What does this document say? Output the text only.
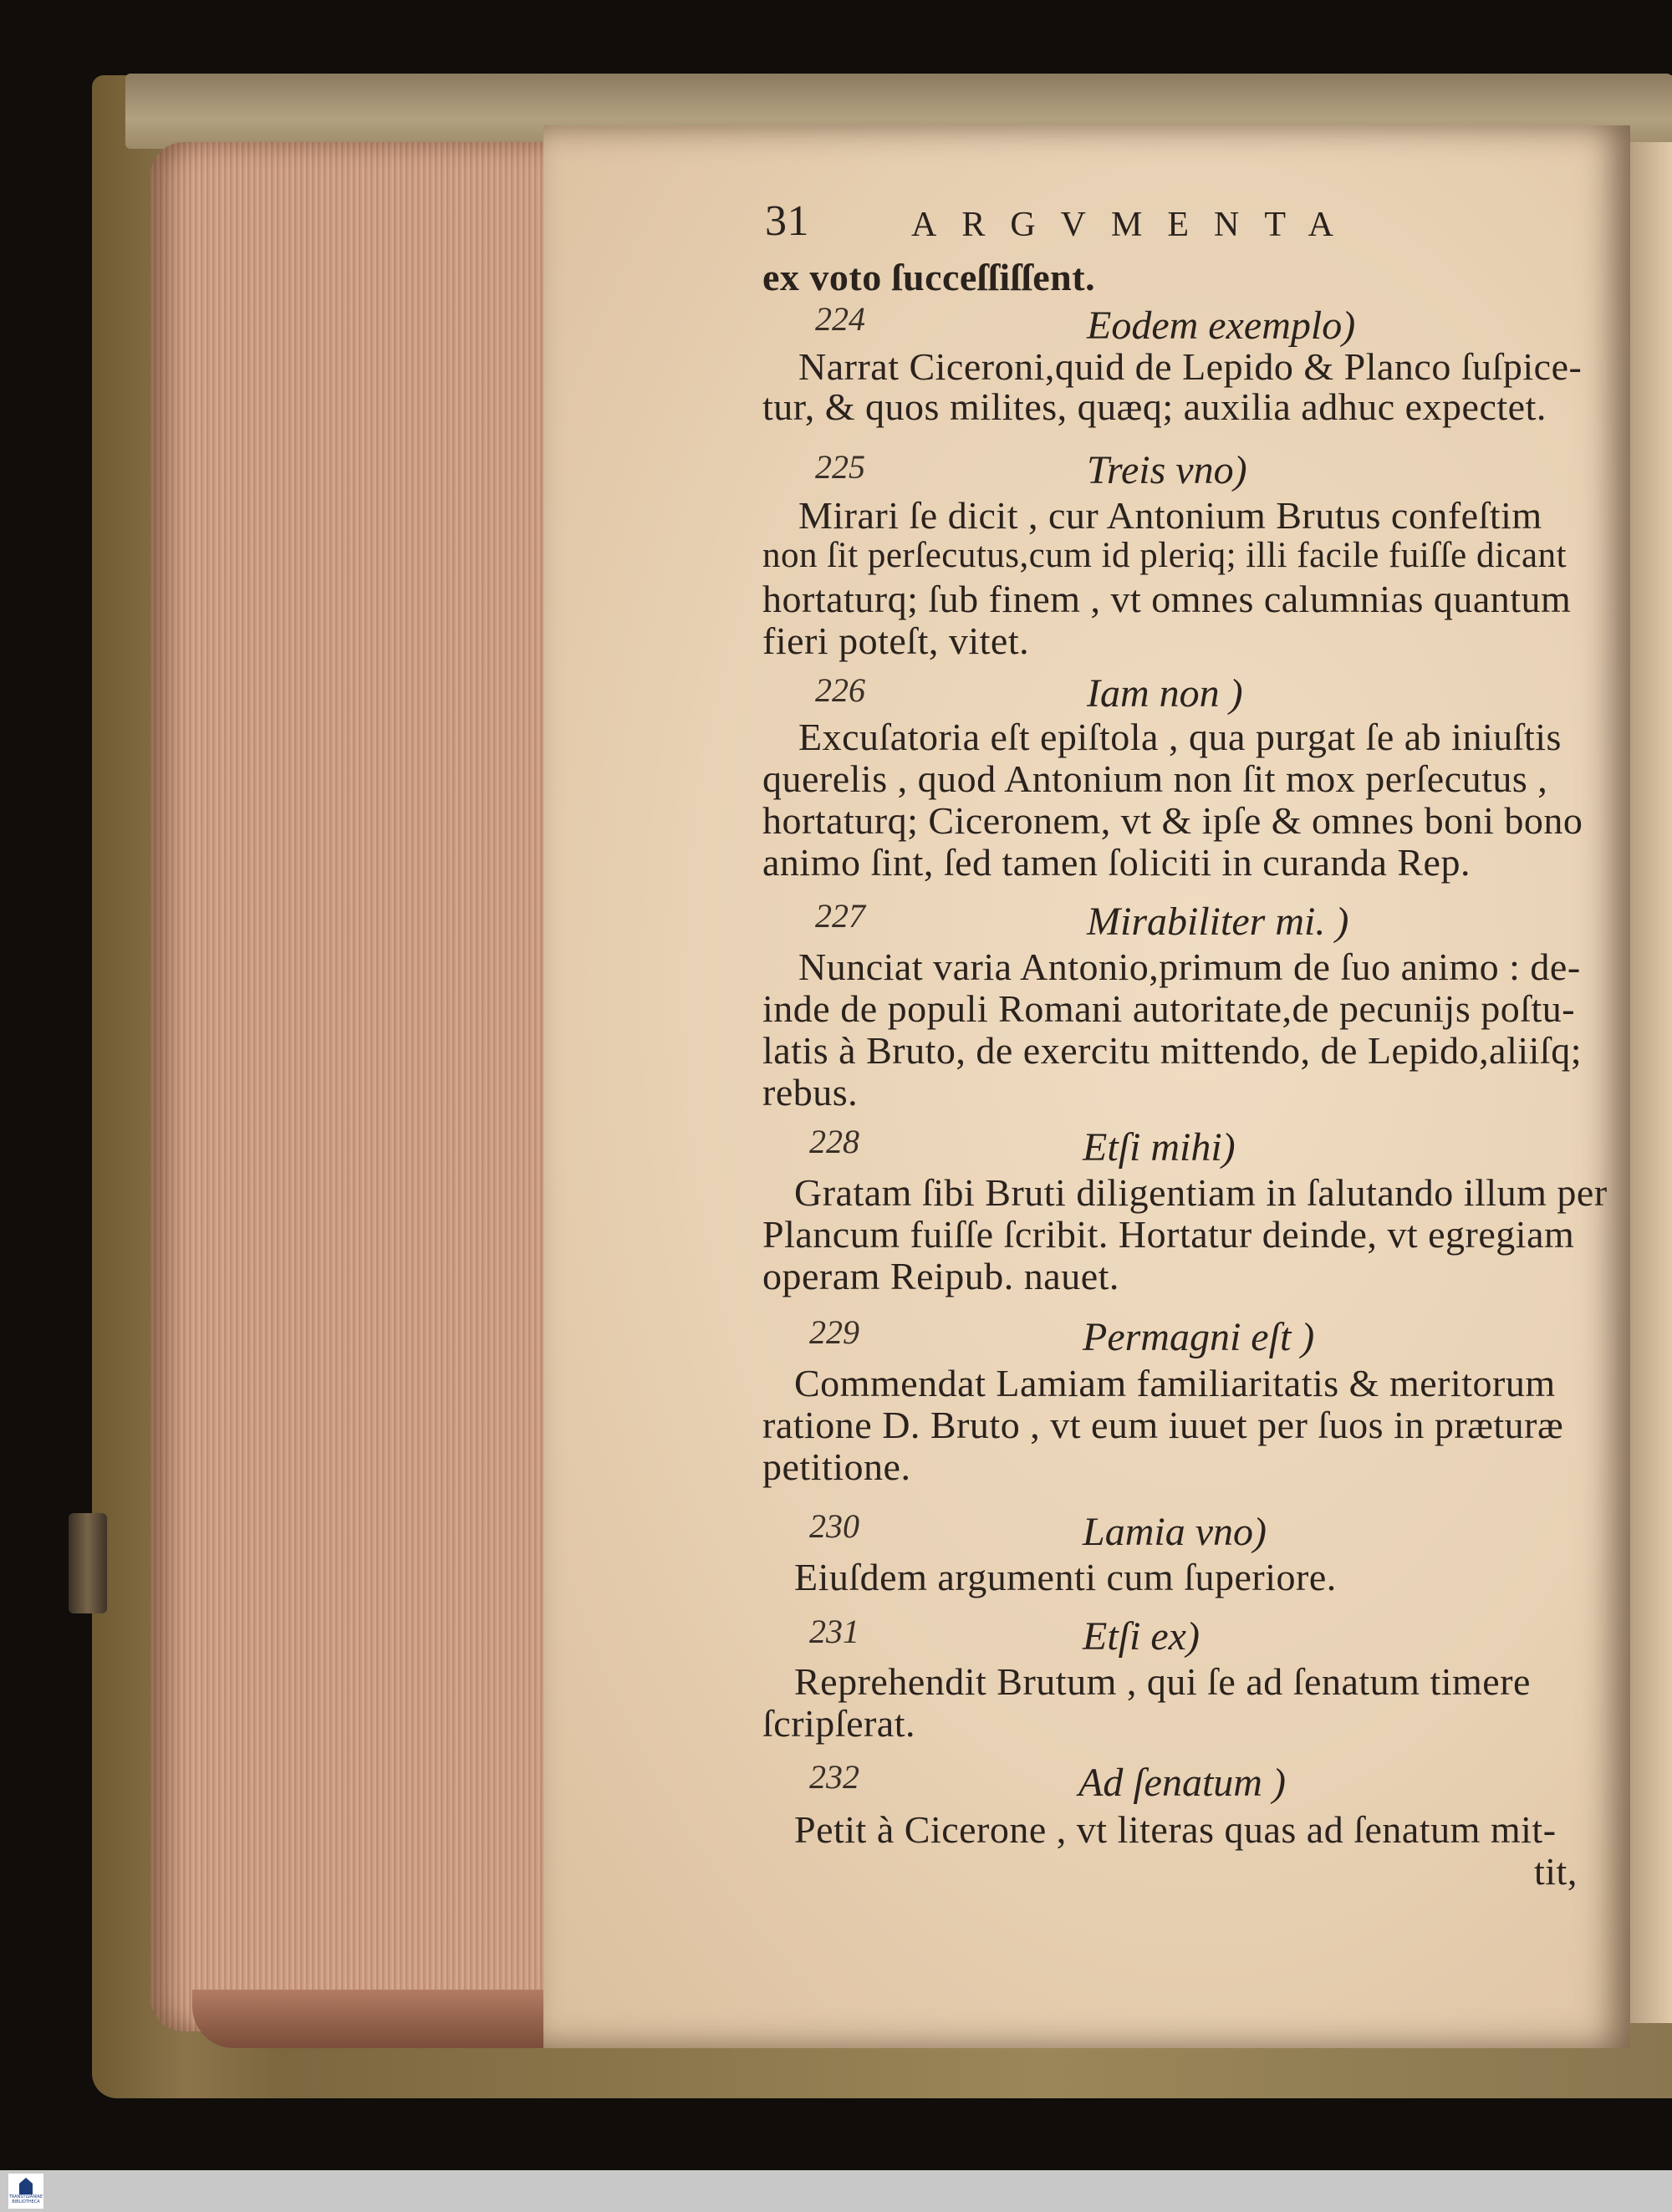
31	ARGVMENTA
ex voto ſucceſſiſſent.
224	Eodem exemplo)
Narrat Ciceroni,quid de Lepido & Planco ſuſpice-
tur, & quos milites, quæq; auxilia adhuc expectet.
225	Treis vno)
Mirari ſe dicit , cur Antonium Brutus confeſtim
non ſit perſecutus,cum id pleriq; illi facile fuiſſe dicant
hortaturq; ſub finem , vt omnes calumnias quantum
fieri poteſt, vitet.
226	Iam non )
Excuſatoria eſt epiſtola , qua purgat ſe ab iniuſtis
querelis , quod Antonium non ſit mox perſecutus ,
hortaturq; Ciceronem, vt & ipſe & omnes boni bono
animo ſint, ſed tamen ſoliciti in curanda Rep.
227	Mirabiliter mi. )
Nunciat varia Antonio,primum de ſuo animo : de-
inde de populi Romani autoritate,de pecunijs poſtu-
latis à Bruto, de exercitu mittendo, de Lepido,aliiſq;
rebus.
228	Etſi mihi)
Gratam ſibi Bruti diligentiam in ſalutando illum per
Plancum fuiſſe ſcribit. Hortatur deinde, vt egregiam
operam Reipub. nauet.
229	Permagni eſt )
Commendat Lamiam familiaritatis & meritorum
ratione D. Bruto , vt eum iuuet per ſuos in præturæ
petitione.
230	Lamia vno)
Eiuſdem argumenti cum ſuperiore.
231	Etſi ex)
Reprehendit Brutum , qui ſe ad ſenatum timere
ſcripſerat.
232	Ad ſenatum )
Petit à Cicerone , vt literas quas ad ſenatum mit-
tit,
TRANSYLVANIAE BIBLIOTHECA
